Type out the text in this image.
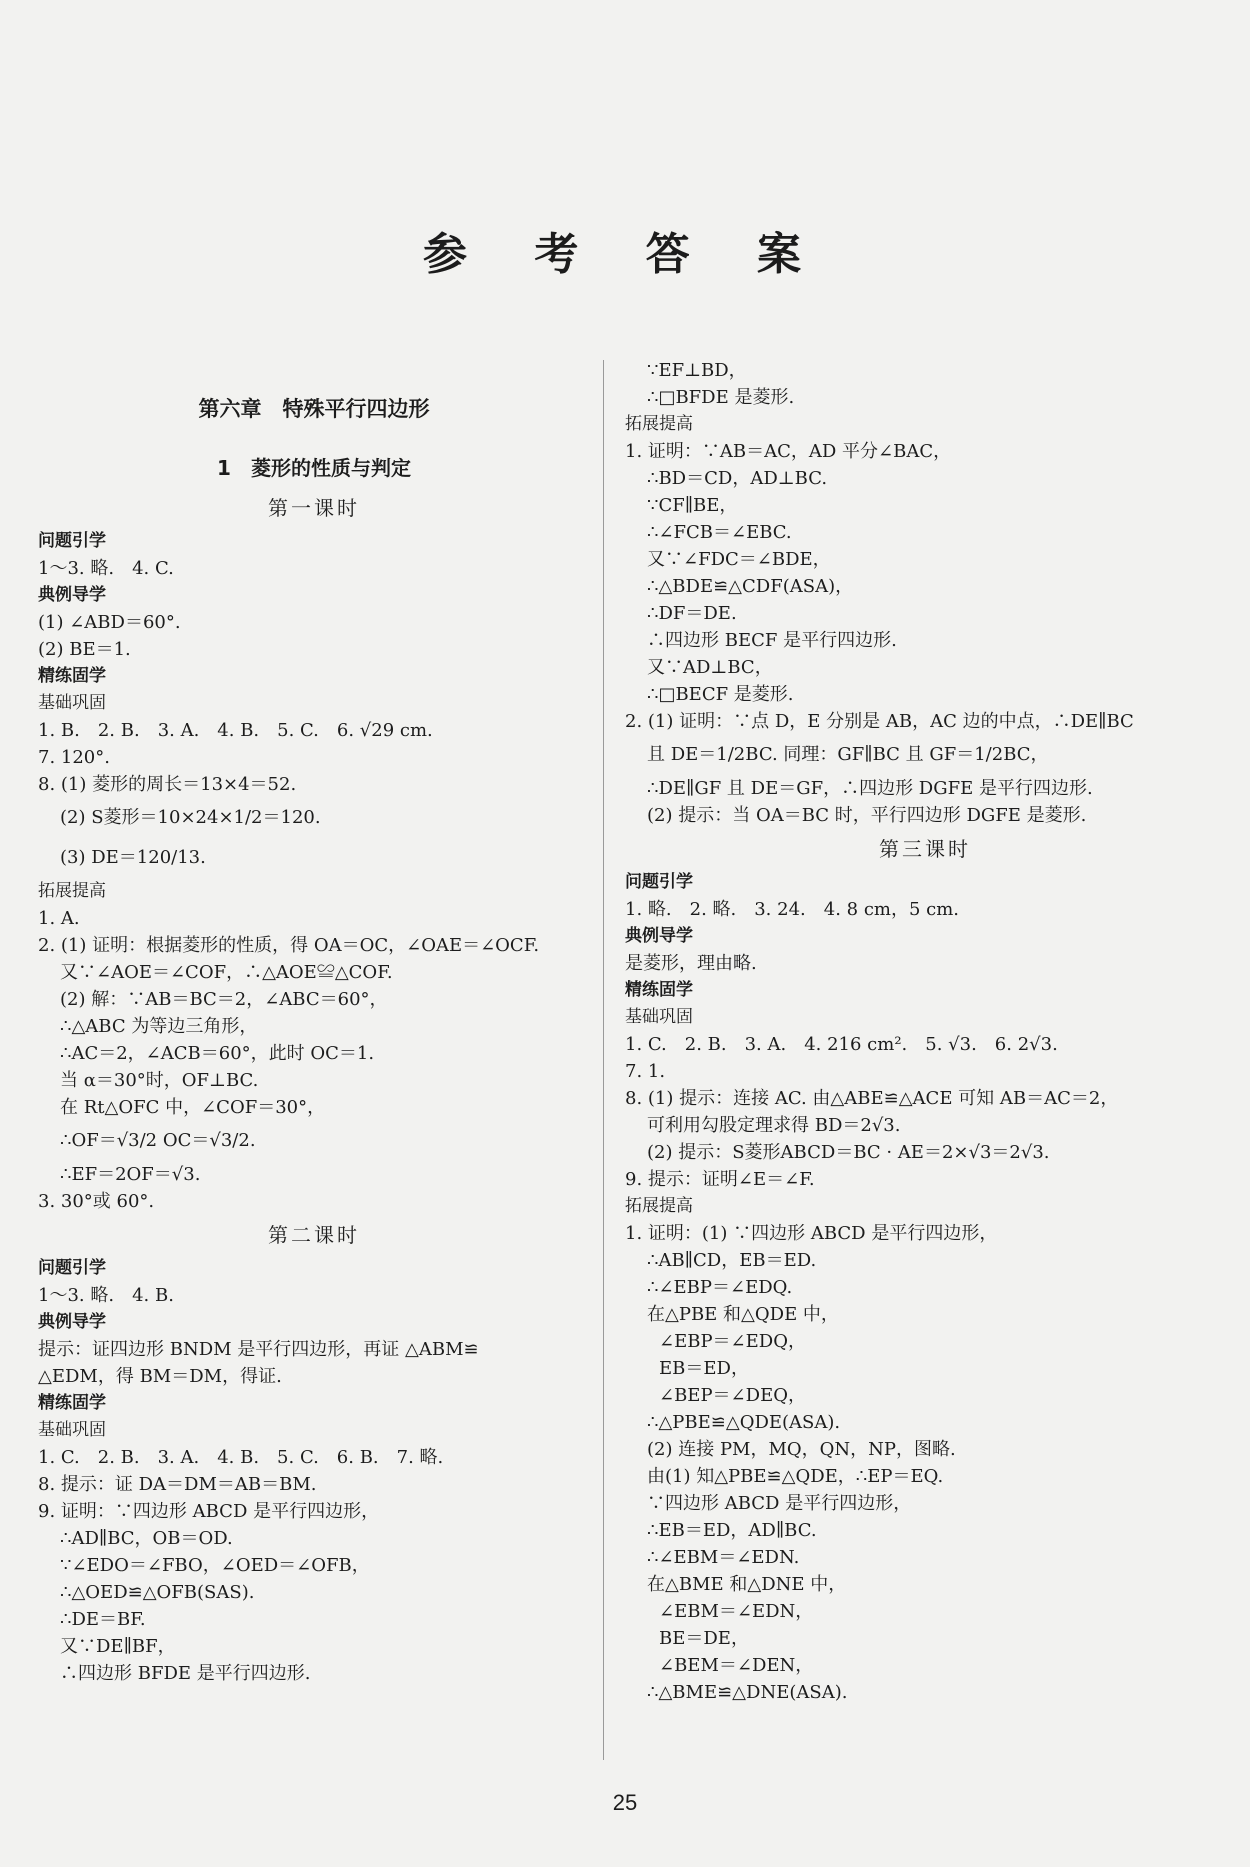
参 考 答 案
第六章　特殊平行四边形
1　菱形的性质与判定
第一课时
问题引学
1～3. 略.　4. C.
典例导学
(1) ∠ABD＝60°.
(2) BE＝1.
精练固学
基础巩固
1. B.　2. B.　3. A.　4. B.　5. C.　6. √29 cm.
7. 120°.
8. (1) 菱形的周长＝13×4＝52.
(2) S菱形＝10×24×1/2＝120.
(3) DE＝120/13.
拓展提高
1. A.
2. (1) 证明：根据菱形的性质，得 OA＝OC，∠OAE＝∠OCF.
又∵∠AOE＝∠COF，∴△AOE≌△COF.
(2) 解：∵AB＝BC＝2，∠ABC＝60°，
∴△ABC 为等边三角形，
∴AC＝2，∠ACB＝60°，此时 OC＝1.
当 α＝30°时，OF⊥BC.
在 Rt△OFC 中，∠COF＝30°，
∴OF＝√3/2 OC＝√3/2.
∴EF＝2OF＝√3.
3. 30°或 60°.
第二课时
问题引学
1～3. 略.　4. B.
典例导学
提示：证四边形 BNDM 是平行四边形，再证 △ABM≌
△EDM，得 BM＝DM，得证.
精练固学
基础巩固
1. C.　2. B.　3. A.　4. B.　5. C.　6. B.　7. 略.
8. 提示：证 DA＝DM＝AB＝BM.
9. 证明：∵四边形 ABCD 是平行四边形，
∴AD∥BC，OB＝OD.
∵∠EDO＝∠FBO，∠OED＝∠OFB，
∴△OED≌△OFB(SAS).
∴DE＝BF.
又∵DE∥BF，
∴四边形 BFDE 是平行四边形.
∵EF⊥BD，
∴□BFDE 是菱形.
拓展提高
1. 证明：∵AB＝AC，AD 平分∠BAC，
∴BD＝CD，AD⊥BC.
∵CF∥BE，
∴∠FCB＝∠EBC.
又∵∠FDC＝∠BDE，
∴△BDE≌△CDF(ASA)，
∴DF＝DE.
∴四边形 BECF 是平行四边形.
又∵AD⊥BC，
∴□BECF 是菱形.
2. (1) 证明：∵点 D，E 分别是 AB，AC 边的中点，∴DE∥BC
且 DE＝1/2BC. 同理：GF∥BC 且 GF＝1/2BC，
∴DE∥GF 且 DE＝GF，∴四边形 DGFE 是平行四边形.
(2) 提示：当 OA＝BC 时，平行四边形 DGFE 是菱形.
第三课时
问题引学
1. 略.　2. 略.　3. 24.　4. 8 cm，5 cm.
典例导学
是菱形，理由略.
精练固学
基础巩固
1. C.　2. B.　3. A.　4. 216 cm².　5. √3.　6. 2√3.
7. 1.
8. (1) 提示：连接 AC. 由△ABE≌△ACE 可知 AB＝AC＝2，
可利用勾股定理求得 BD＝2√3.
(2) 提示：S菱形ABCD＝BC · AE＝2×√3＝2√3.
9. 提示：证明∠E＝∠F.
拓展提高
1. 证明：(1) ∵四边形 ABCD 是平行四边形，
∴AB∥CD，EB＝ED.
∴∠EBP＝∠EDQ.
在△PBE 和△QDE 中，
∠EBP＝∠EDQ，
EB＝ED，
∠BEP＝∠DEQ，
∴△PBE≌△QDE(ASA).
(2) 连接 PM，MQ，QN，NP，图略.
由(1) 知△PBE≌△QDE，∴EP＝EQ.
∵四边形 ABCD 是平行四边形，
∴EB＝ED，AD∥BC.
∴∠EBM＝∠EDN.
在△BME 和△DNE 中，
∠EBM＝∠EDN，
BE＝DE，
∠BEM＝∠DEN，
∴△BME≌△DNE(ASA).
25
